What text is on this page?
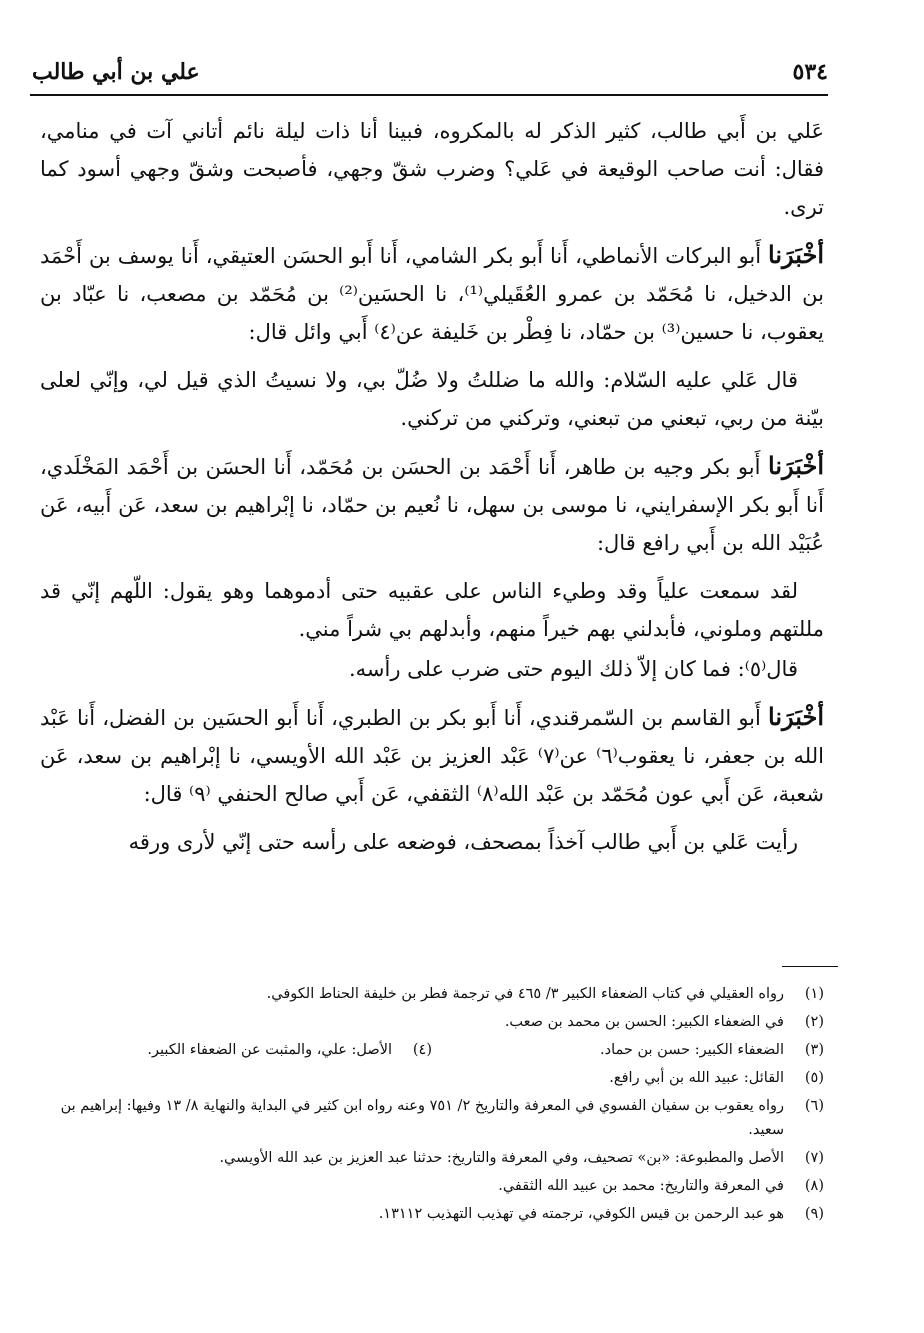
٥٣٤
علي بن أبي طالب

عَلي بن أَبي طالب، كثير الذكر له بالمكروه، فبينا أنا ذات ليلة نائم أتاني آت في منامي، فقال: أنت صاحب الوقيعة في عَلي؟ وضرب شقّ وجهي، فأصبحت وشقّ وجهي أسود كما ترى.

أخْبَرَنا أَبو البركات الأنماطي، أَنا أَبو بكر الشامي، أَنا أَبو الحسَن العتيقي، أَنا يوسف بن أَحْمَد بن الدخيل، نا مُحَمّد بن عمرو العُقَيلي⁽¹⁾، نا الحسَين⁽²⁾ بن مُحَمّد بن مصعب، نا عبّاد بن يعقوب، نا حسين⁽³⁾ بن حمّاد، نا فِطْر بن خَليفة عن⁽٤⁾ أَبي وائل قال:

قال عَلي عليه السّلام: والله ما ضللتُ ولا ضُلّ بي، ولا نسيتُ الذي قيل لي، وإنّي لعلى بيّنة من ربي، تبعني من تبعني، وتركني من تركني.

أخْبَرَنا أَبو بكر وجيه بن طاهر، أَنا أَحْمَد بن الحسَن بن مُحَمّد، أَنا الحسَن بن أَحْمَد المَخْلَدي، أَنا أَبو بكر الإسفرايني، نا موسى بن سهل، نا نُعيم بن حمّاد، نا إبْراهيم بن سعد، عَن أَبيه، عَن عُبَيْد الله بن أَبي رافع قال:

لقد سمعت علياً وقد وطيء الناس على عقبيه حتى أدموهما وهو يقول: اللّهم إنّي قد مللتهم وملوني، فأبدلني بهم خيراً منهم، وأبدلهم بي شراً مني.

قال⁽٥⁾: فما كان إلاّ ذلك اليوم حتى ضرب على رأسه.

أخْبَرَنا أَبو القاسم بن السّمرقندي، أَنا أَبو بكر بن الطبري، أَنا أَبو الحسَين بن الفضل، أَنا عَبْد الله بن جعفر، نا يعقوب⁽٦⁾ عن⁽٧⁾ عَبْد العزيز بن عَبْد الله الأويسي، نا إبْراهيم بن سعد، عَن شعبة، عَن أَبي عون مُحَمّد بن عَبْد الله⁽٨⁾ الثقفي، عَن أَبي صالح الحنفي ⁽٩⁾ قال:

رأيت عَلي بن أَبي طالب آخذاً بمصحف، فوضعه على رأسه حتى إنّي لأرى ورقه

(١)
رواه العقيلي في كتاب الضعفاء الكبير ٣/ ٤٦٥ في ترجمة فطر بن خليفة الحناط الكوفي.
(٢)
في الضعفاء الكبير: الحسن بن محمد بن صعب.
(٣)
الضعفاء الكبير: حسن بن حماد.
(٤)
الأصل: علي، والمثبت عن الضعفاء الكبير.
(٥)
القائل: عبيد الله بن أبي رافع.
(٦)
رواه يعقوب بن سفيان الفسوي في المعرفة والتاريخ ٢/ ٧٥١ وعنه رواه ابن كثير في البداية والنهاية ٨/ ١٣ وفيها: إبراهيم بن سعيد.
(٧)
الأصل والمطبوعة: «بن» تصحيف، وفي المعرفة والتاريخ: حدثنا عبد العزيز بن عبد الله الأويسي.
(٨)
في المعرفة والتاريخ: محمد بن عبيد الله الثقفي.
(٩)
هو عبد الرحمن بن قيس الكوفي، ترجمته في تهذيب التهذيب ١٣١١٢.
